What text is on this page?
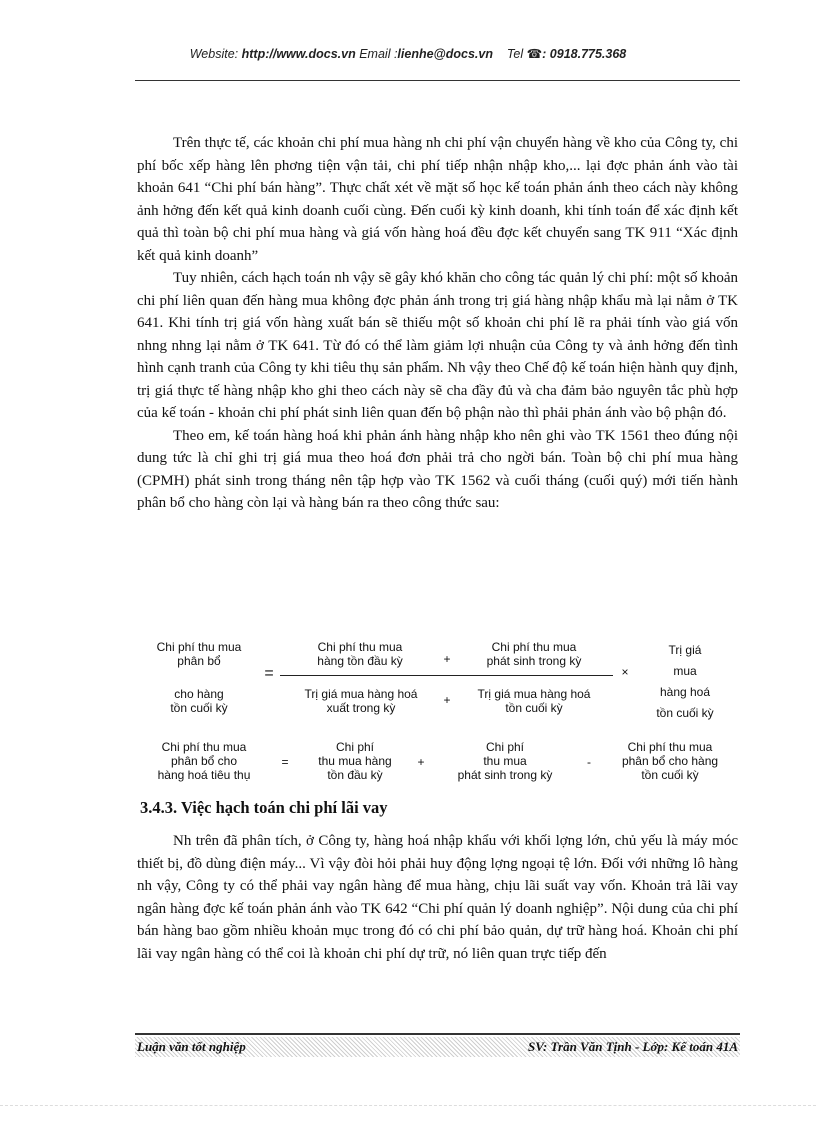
Website: http://www.docs.vn Email :lienhe@docs.vn Tel ☎: 0918.775.368

Trên thực tế, các khoản chi phí mua hàng nh chi phí vận chuyển hàng về kho của Công ty, chi phí bốc xếp hàng lên phơng tiện vận tải, chi phí tiếp nhận nhập kho,... lại đợc phản ánh vào tài khoản 641 “Chi phí bán hàng”. Thực chất xét về mặt số học kế toán phản ánh theo cách này không ảnh hởng đến kết quả kinh doanh cuối cùng. Đến cuối kỳ kinh doanh, khi tính toán để xác định kết quả thì toàn bộ chi phí mua hàng và giá vốn hàng hoá đều đợc kết chuyển sang TK 911 “Xác định kết quả kinh doanh”

Tuy nhiên, cách hạch toán nh vậy sẽ gây khó khăn cho công tác quản lý chi phí: một số khoản chi phí liên quan đến hàng mua không đợc phản ánh trong trị giá hàng nhập khẩu mà lại nằm ở TK 641. Khi tính trị giá vốn hàng xuất bán sẽ thiếu một số khoản chi phí lẽ ra phải tính vào giá vốn nhng nhng lại nằm ở TK 641. Từ đó có thể làm giảm lợi nhuận của Công ty và ảnh hởng đến tình hình cạnh tranh của Công ty khi tiêu thụ sản phẩm. Nh vậy theo Chế độ kế toán hiện hành quy định, trị giá thực tế hàng nhập kho ghi theo cách này sẽ cha đầy đủ và cha đảm bảo nguyên tắc phù hợp của kế toán - khoản chi phí phát sinh liên quan đến bộ phận nào thì phải phản ánh vào bộ phận đó.

Theo em, kế toán hàng hoá khi phản ánh hàng nhập kho nên ghi vào TK 1561 theo đúng nội dung tức là chỉ ghi trị giá mua theo hoá đơn phải trả cho ngời bán. Toàn bộ chi phí mua hàng (CPMH) phát sinh trong tháng nên tập hợp vào TK 1562 và cuối tháng (cuối quý) mới tiến hành phân bổ cho hàng còn lại và hàng bán ra theo công thức sau:

Chi phí thu mua
phân bổ
cho hàng
tồn cuối kỳ
=
Chi phí thu mua
hàng tồn đầu kỳ	+
Chi phí thu mua
phát sinh trong kỳ
Trị giá mua hàng hoá
xuất trong kỳ
+	Trị giá mua hàng hoá
tồn cuối kỳ
×
Trị giá
mua
hàng hoá
tồn cuối kỳ
Chi phí thu mua
phân bổ cho
hàng hoá tiêu thụ
=
Chi phí
thu mua hàng
tồn đầu kỳ
+
Chi phí
thu mua
phát sinh trong kỳ
-
Chi phí thu mua
phân bổ cho hàng
tồn cuối kỳ
3.4.3. Việc hạch toán chi phí lãi vay

Nh trên đã phân tích, ở Công ty, hàng hoá nhập khẩu với khối lợng lớn, chủ yếu là máy móc thiết bị, đồ dùng điện máy... Vì vậy đòi hỏi phải huy động lợng ngoại tệ lớn. Đối với những lô hàng nh vậy, Công ty có thể phải vay ngân hàng để mua hàng, chịu lãi suất vay vốn. Khoản trả lãi vay ngân hàng đợc kế toán phản ánh vào TK 642 “Chi phí quản lý doanh nghiệp”. Nội dung của chi phí bán hàng bao gồm nhiều khoản mục trong đó có chi phí bảo quản, dự trữ hàng hoá. Khoản chi phí lãi vay ngân hàng có thể coi là khoản chi phí dự trữ, nó liên quan trực tiếp đến

Luận văn tốt nghiệp	SV: Trần Văn Tịnh - Lớp: Kế toán 41A
